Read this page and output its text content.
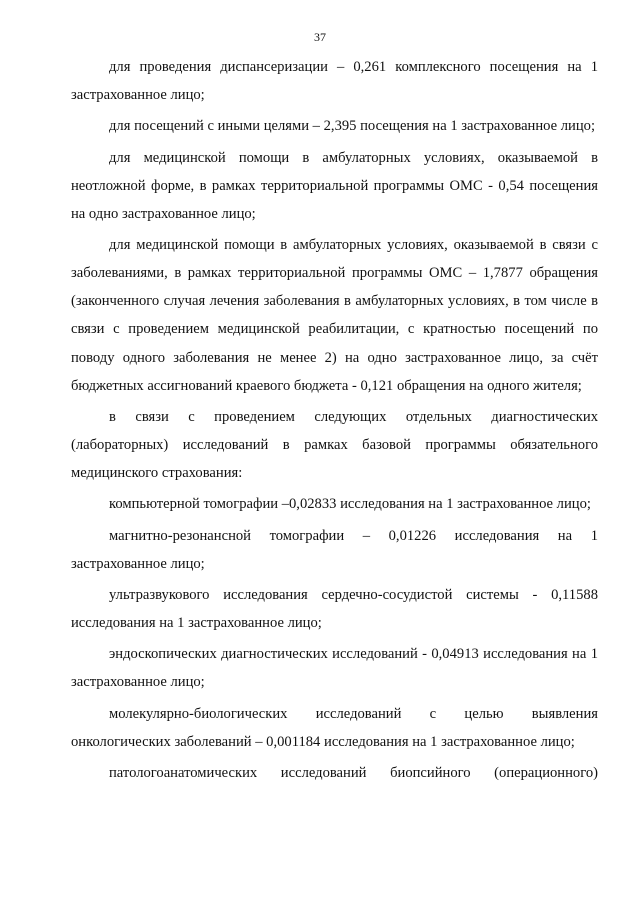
37

для проведения диспансеризации – 0,261 комплексного посещения на 1 застрахованное лицо;

для посещений с иными целями – 2,395 посещения на 1 застрахованное лицо;

для медицинской помощи в амбулаторных условиях, оказываемой в неотложной форме, в рамках территориальной программы ОМС - 0,54 посещения на одно застрахованное лицо;

для медицинской помощи в амбулаторных условиях, оказываемой в связи с заболеваниями, в рамках территориальной программы ОМС – 1,7877 обращения (законченного случая лечения заболевания в амбулаторных условиях, в том числе в связи с проведением медицинской реабилитации, с кратностью посещений по поводу одного заболевания не менее 2) на одно застрахованное лицо, за счёт бюджетных ассигнований краевого бюджета - 0,121 обращения на одного жителя;

в связи с проведением следующих отдельных диагностических (лабораторных) исследований в рамках базовой программы обязательного медицинского страхования:

компьютерной томографии –0,02833 исследования на 1 застрахованное лицо;

магнитно-резонансной томографии – 0,01226 исследования на 1 застрахованное лицо;

ультразвукового исследования сердечно-сосудистой системы - 0,11588 исследования на 1 застрахованное лицо;

эндоскопических диагностических исследований - 0,04913 исследования на 1 застрахованное лицо;

молекулярно-биологических исследований с целью выявления онкологических заболеваний – 0,001184 исследования на 1 застрахованное лицо;

патологоанатомических исследований биопсийного (операционного)
